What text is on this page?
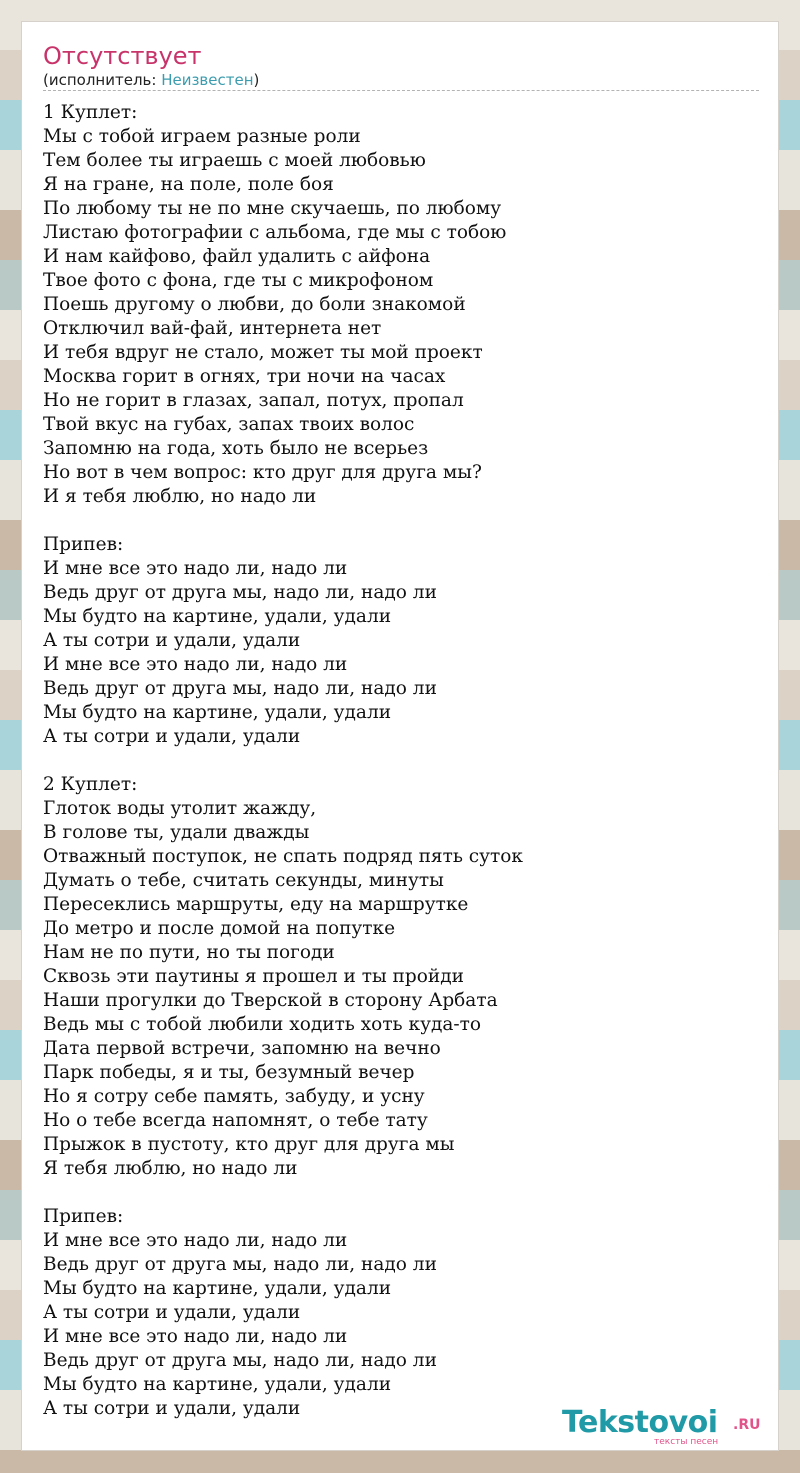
Отсутствует
(исполнитель: Неизвестен)
1 Куплет:
Мы с тобой играем разные роли
Тем более ты играешь с моей любовью
Я на гране, на поле, поле боя
По любому ты не по мне скучаешь, по любому
Листаю фотографии с альбома, где мы с тобою
И нам кайфово, файл удалить с айфона
Твое фото с фона, где ты с микрофоном
Поешь другому о любви, до боли знакомой
Отключил вай-фай, интернета нет
И тебя вдруг не стало, может ты мой проект
Москва горит в огнях, три ночи на часах
Но не горит в глазах, запал, потух, пропал
Твой вкус на губах, запах твоих волос
Запомню на года, хоть было не всерьез
Но вот в чем вопрос: кто друг для друга мы?
И я тебя люблю, но надо ли

Припев:
И мне все это надо ли, надо ли
Ведь друг от друга мы, надо ли, надо ли
Мы будто на картине, удали, удали
А ты сотри и удали, удали
И мне все это надо ли, надо ли
Ведь друг от друга мы, надо ли, надо ли
Мы будто на картине, удали, удали
А ты сотри и удали, удали

2 Куплет:
Глоток воды утолит жажду,
В голове ты, удали дважды
Отважный поступок, не спать подряд пять суток
Думать о тебе, считать секунды, минуты
Пересеклись маршруты, еду на маршрутке
До метро и после домой на попутке
Нам не по пути, но ты погоди
Сквозь эти паутины я прошел и ты пройди
Наши прогулки до Тверской в сторону Арбата
Ведь мы с тобой любили ходить хоть куда-то
Дата первой встречи, запомню на вечно
Парк победы, я и ты, безумный вечер
Но я сотру себе память, забуду, и усну
Но о тебе всегда напомнят, о тебе тату
Прыжок в пустоту, кто друг для друга мы
Я тебя люблю, но надо ли

Припев:
И мне все это надо ли, надо ли
Ведь друг от друга мы, надо ли, надо ли
Мы будто на картине, удали, удали
А ты сотри и удали, удали
И мне все это надо ли, надо ли
Ведь друг от друга мы, надо ли, надо ли
Мы будто на картине, удали, удали
А ты сотри и удали, удали	Tekstovoi .RU
тексты песен
